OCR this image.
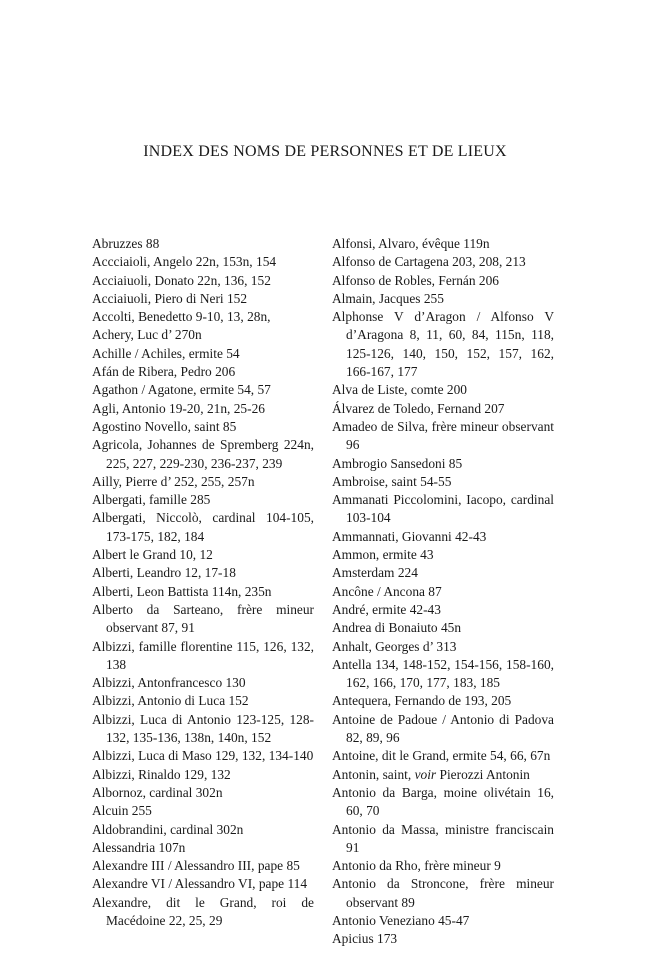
INDEX DES NOMS DE PERSONNES ET DE LIEUX
Abruzzes 88
Accciaioli, Angelo 22n, 153n, 154
Acciaiuoli, Donato 22n, 136, 152
Acciaiuoli, Piero di Neri 152
Accolti, Benedetto 9-10, 13, 28n,
Achery, Luc d’ 270n
Achille / Achiles, ermite 54
Afán de Ribera, Pedro 206
Agathon / Agatone, ermite 54, 57
Agli, Antonio 19-20, 21n, 25-26
Agostino Novello, saint 85
Agricola, Johannes de Spremberg 224n, 225, 227, 229-230, 236-237, 239
Ailly, Pierre d’ 252, 255, 257n
Albergati, famille 285
Albergati, Niccolò, cardinal 104-105, 173-175, 182, 184
Albert le Grand 10, 12
Alberti, Leandro 12, 17-18
Alberti, Leon Battista 114n, 235n
Alberto da Sarteano, frère mineur observant 87, 91
Albizzi, famille florentine 115, 126, 132, 138
Albizzi, Antonfrancesco 130
Albizzi, Antonio di Luca 152
Albizzi, Luca di Antonio 123-125, 128-132, 135-136, 138n, 140n, 152
Albizzi, Luca di Maso 129, 132, 134-140
Albizzi, Rinaldo 129, 132
Albornoz, cardinal 302n
Alcuin 255
Aldobrandini, cardinal 302n
Alessandria 107n
Alexandre III / Alessandro III, pape 85
Alexandre VI / Alessandro VI, pape 114
Alexandre, dit le Grand, roi de Macédoine 22, 25, 29
Alfonsi, Alvaro, évêque 119n
Alfonso de Cartagena 203, 208, 213
Alfonso de Robles, Fernán 206
Almain, Jacques 255
Alphonse V d’Aragon / Alfonso V d’Aragona 8, 11, 60, 84, 115n, 118, 125-126, 140, 150, 152, 157, 162, 166-167, 177
Alva de Liste, comte 200
Álvarez de Toledo, Fernand 207
Amadeo de Silva, frère mineur observant 96
Ambrogio Sansedoni 85
Ambroise, saint 54-55
Ammanati Piccolomini, Iacopo, cardinal 103-104
Ammannati, Giovanni 42-43
Ammon, ermite 43
Amsterdam 224
Ancône / Ancona 87
André, ermite 42-43
Andrea di Bonaiuto 45n
Anhalt, Georges d’ 313
Antella 134, 148-152, 154-156, 158-160, 162, 166, 170, 177, 183, 185
Antequera, Fernando de 193, 205
Antoine de Padoue / Antonio di Padova 82, 89, 96
Antoine, dit le Grand, ermite 54, 66, 67n
Antonin, saint, voir Pierozzi Antonin
Antonio da Barga, moine olivétain 16, 60, 70
Antonio da Massa, ministre franciscain 91
Antonio da Rho, frère mineur 9
Antonio da Stroncone, frère mineur observant 89
Antonio Veneziano 45-47
Apicius 173
